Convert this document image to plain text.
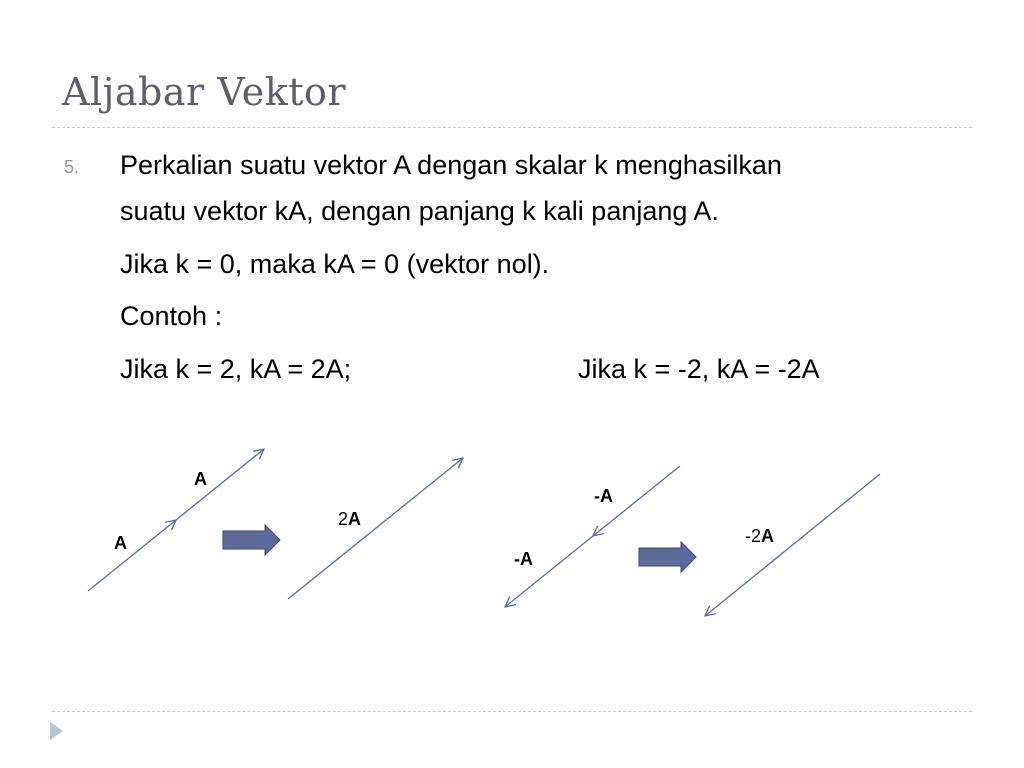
Aljabar Vektor
5. Perkalian suatu vektor A dengan skalar k menghasilkan
suatu vektor kA, dengan panjang k kali panjang A.
Jika k = 0, maka kA = 0 (vektor nol).
Contoh :
Jika k = 2, kA = 2A;	Jika k = -2, kA = -2A
A
A
2A
-A
-A
-2A
